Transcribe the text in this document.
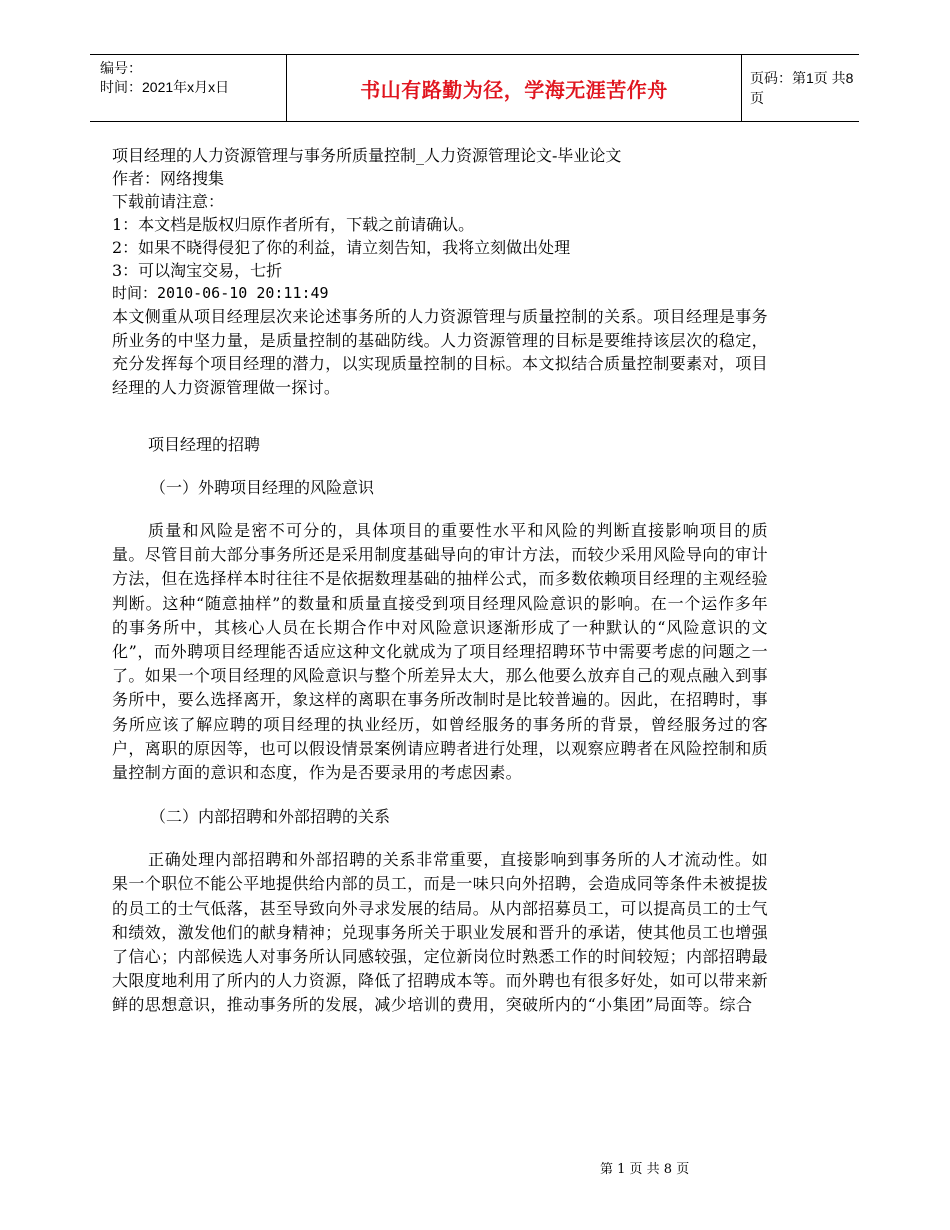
编号：
时间：2021年x月x日	书山有路勤为径，学海无涯苦作舟	页码：第1页 共8页

项目经理的人力资源管理与事务所质量控制_人力资源管理论文-毕业论文

作者：网络搜集

下载前请注意：

1：本文档是版权归原作者所有，下载之前请确认。

2：如果不晓得侵犯了你的利益，请立刻告知，我将立刻做出处理

3：可以淘宝交易，七折

时间：2010-06-10 20:11:49

本文侧重从项目经理层次来论述事务所的人力资源管理与质量控制的关系。项目经理是事务所业务的中坚力量，是质量控制的基础防线。人力资源管理的目标是要维持该层次的稳定，充分发挥每个项目经理的潜力，以实现质量控制的目标。本文拟结合质量控制要素对，项目经理的人力资源管理做一探讨。

项目经理的招聘

（一）外聘项目经理的风险意识

质量和风险是密不可分的，具体项目的重要性水平和风险的判断直接影响项目的质量。尽管目前大部分事务所还是采用制度基础导向的审计方法，而较少采用风险导向的审计方法，但在选择样本时往往不是依据数理基础的抽样公式，而多数依赖项目经理的主观经验判断。这种“随意抽样”的数量和质量直接受到项目经理风险意识的影响。在一个运作多年的事务所中，其核心人员在长期合作中对风险意识逐渐形成了一种默认的“风险意识的文化”，而外聘项目经理能否适应这种文化就成为了项目经理招聘环节中需要考虑的问题之一了。如果一个项目经理的风险意识与整个所差异太大，那么他要么放弃自己的观点融入到事务所中，要么选择离开，象这样的离职在事务所改制时是比较普遍的。因此，在招聘时，事务所应该了解应聘的项目经理的执业经历，如曾经服务的事务所的背景，曾经服务过的客户，离职的原因等，也可以假设情景案例请应聘者进行处理，以观察应聘者在风险控制和质量控制方面的意识和态度，作为是否要录用的考虑因素。

（二）内部招聘和外部招聘的关系

正确处理内部招聘和外部招聘的关系非常重要，直接影响到事务所的人才流动性。如果一个职位不能公平地提供给内部的员工，而是一味只向外招聘，会造成同等条件未被提拔的员工的士气低落，甚至导致向外寻求发展的结局。从内部招募员工，可以提高员工的士气和绩效，激发他们的献身精神；兑现事务所关于职业发展和晋升的承诺，使其他员工也增强了信心；内部候选人对事务所认同感较强，定位新岗位时熟悉工作的时间较短；内部招聘最大限度地利用了所内的人力资源，降低了招聘成本等。而外聘也有很多好处，如可以带来新鲜的思想意识，推动事务所的发展，减少培训的费用，突破所内的“小集团”局面等。综合

第 1 页 共 8 页
